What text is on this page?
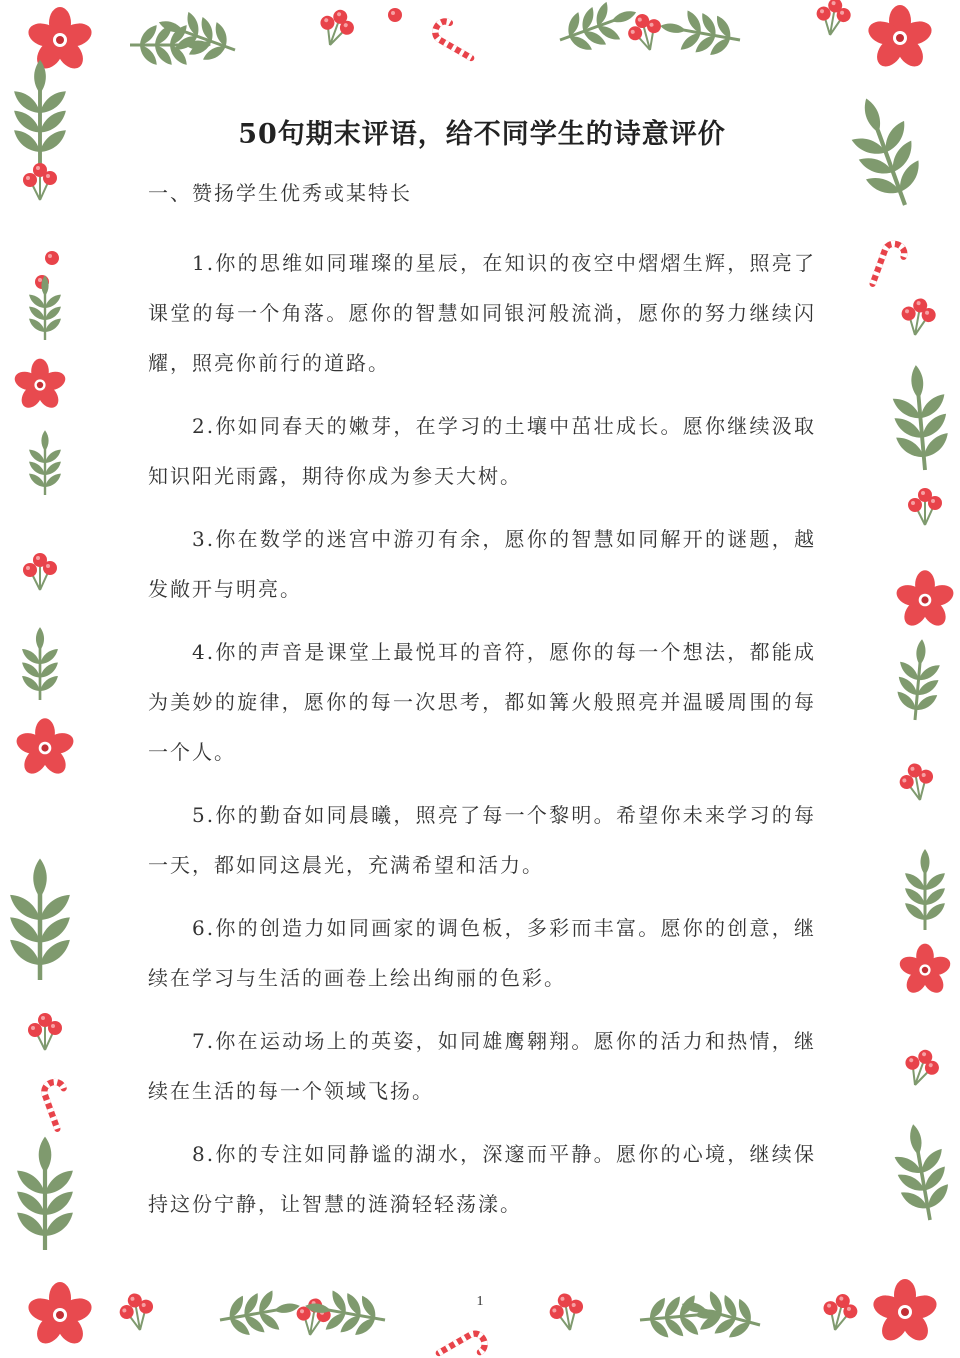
50句期末评语，给不同学生的诗意评价
一、赞扬学生优秀或某特长

1.你的思维如同璀璨的星辰，在知识的夜空中熠熠生辉，照亮了课堂的每一个角落。愿你的智慧如同银河般流淌，愿你的努力继续闪耀，照亮你前行的道路。

2.你如同春天的嫩芽，在学习的土壤中茁壮成长。愿你继续汲取知识阳光雨露，期待你成为参天大树。

3.你在数学的迷宫中游刃有余，愿你的智慧如同解开的谜题，越发敞开与明亮。

4.你的声音是课堂上最悦耳的音符，愿你的每一个想法，都能成为美妙的旋律，愿你的每一次思考，都如篝火般照亮并温暖周围的每一个人。

5.你的勤奋如同晨曦，照亮了每一个黎明。希望你未来学习的每一天，都如同这晨光，充满希望和活力。

6.你的创造力如同画家的调色板，多彩而丰富。愿你的创意，继续在学习与生活的画卷上绘出绚丽的色彩。

7.你在运动场上的英姿，如同雄鹰翱翔。愿你的活力和热情，继续在生活的每一个领域飞扬。

8.你的专注如同静谧的湖水，深邃而平静。愿你的心境，继续保持这份宁静，让智慧的涟漪轻轻荡漾。

1
